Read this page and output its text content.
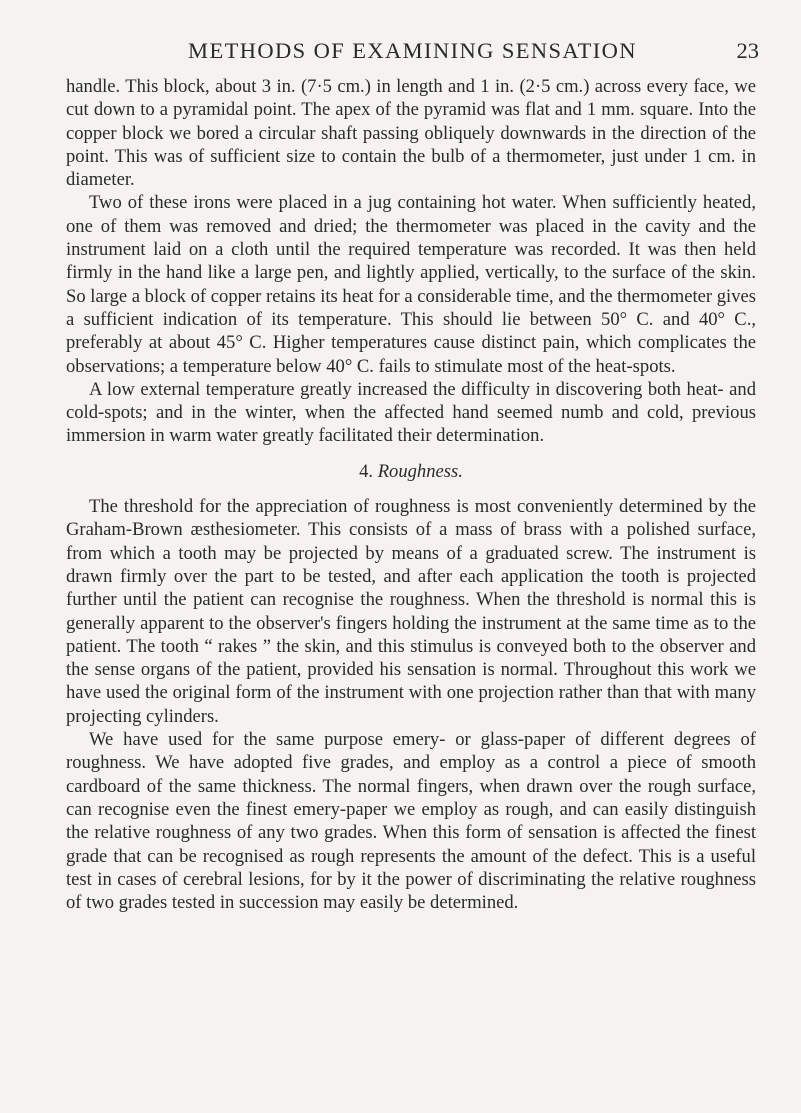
METHODS OF EXAMINING SENSATION	23

handle. This block, about 3 in. (7·5 cm.) in length and 1 in. (2·5 cm.) across every face, we cut down to a pyramidal point. The apex of the pyramid was flat and 1 mm. square. Into the copper block we bored a circular shaft passing obliquely downwards in the direction of the point. This was of sufficient size to contain the bulb of a thermometer, just under 1 cm. in diameter.

Two of these irons were placed in a jug containing hot water. When sufficiently heated, one of them was removed and dried; the thermometer was placed in the cavity and the instrument laid on a cloth until the required temperature was recorded. It was then held firmly in the hand like a large pen, and lightly applied, vertically, to the surface of the skin. So large a block of copper retains its heat for a considerable time, and the thermometer gives a sufficient indication of its temperature. This should lie between 50° C. and 40° C., preferably at about 45° C. Higher temperatures cause distinct pain, which complicates the observations; a temperature below 40° C. fails to stimulate most of the heat-spots.

A low external temperature greatly increased the difficulty in discovering both heat- and cold-spots; and in the winter, when the affected hand seemed numb and cold, previous immersion in warm water greatly facilitated their determination.

4. Roughness.

The threshold for the appreciation of roughness is most conveniently determined by the Graham-Brown æsthesiometer. This consists of a mass of brass with a polished surface, from which a tooth may be projected by means of a graduated screw. The instrument is drawn firmly over the part to be tested, and after each application the tooth is projected further until the patient can recognise the roughness. When the threshold is normal this is generally apparent to the observer's fingers holding the instrument at the same time as to the patient. The tooth “ rakes ” the skin, and this stimulus is conveyed both to the observer and the sense organs of the patient, provided his sensation is normal. Throughout this work we have used the original form of the instrument with one projection rather than that with many projecting cylinders.

We have used for the same purpose emery- or glass-paper of different degrees of roughness. We have adopted five grades, and employ as a control a piece of smooth cardboard of the same thickness. The normal fingers, when drawn over the rough surface, can recognise even the finest emery-paper we employ as rough, and can easily distinguish the relative roughness of any two grades. When this form of sensation is affected the finest grade that can be recognised as rough represents the amount of the defect. This is a useful test in cases of cerebral lesions, for by it the power of discriminating the relative roughness of two grades tested in succession may easily be determined.
